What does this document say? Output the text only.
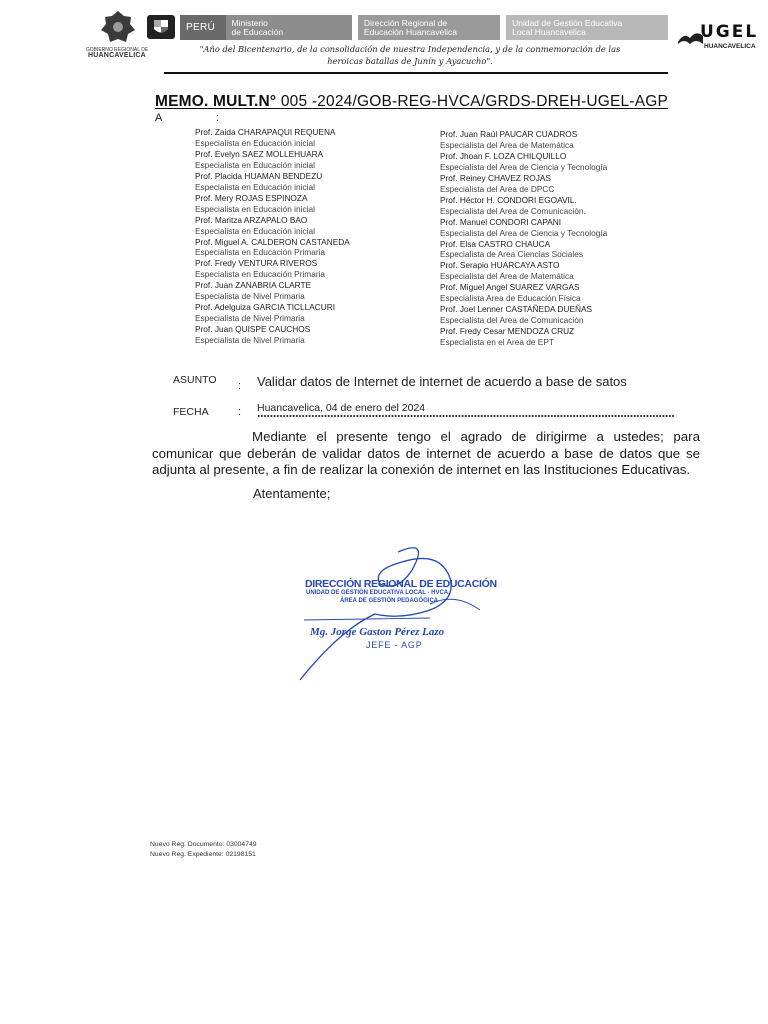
GOBIERNO REGIONAL DE
HUANCAVELICA
PERÚ	Ministerio
de Educación
Dirección Regional de
Educación Huancavelica
Unidad de Gestión Educativa
Local Huancavelica	UGEL
HUANCAVELICA
"Año del Bicentenario, de la consolidación de nuestra Independencia, y de la conmemoración de las
heroicas batallas de Junín y Ayacucho".
MEMO. MULT.N° 005 -2024/GOB-REG-HVCA/GRDS-DREH-UGEL-AGP
A	:
Prof. Zaida CHARAPAQUI REQUENA
Especialista en Educación inicial
Prof. Evelyn SAEZ MOLLEHUARA
Especialista en Educación inicial
Prof. Placida HUAMAN BENDEZU
Especialista en Educación inicial
Prof. Mery ROJAS ESPINOZA
Especialista en Educación inicial
Prof. Maritza ARZAPALO BAO
Especialista en Educación inicial
Prof. Miguel A. CALDERON CASTANEDA
Especialista en Educación Primaria
Prof. Fredy VENTURA RIVEROS
Especialista en Educación Primaria
Prof. Juan ZANABRIA CLARTE
Especialista de Nivel Primaria
Prof. Adelguiza GARCIA TICLLACURI
Especialista de Nivel Primaria
Prof. Juan QUISPE CAUCHOS
Especialista de Nivel Primaria
Prof. Juan Raúl PAUCAR CUADROS
Especialista del Area de Matemática
Prof. Jhoan F. LOZA CHILQUILLO
Especialista del Area de Ciencia y Tecnología
Prof. Reiney CHAVEZ ROJAS
Especialista del Area de DPCC
Prof. Héctor H. CONDORI EGOAVIL.
Especialista del Area de Comunicación.
Prof. Manuel CONDORI CAPANI
Especialista del Area de Ciencia y Tecnología
Prof. Elsa CASTRO CHAUCA
Especialista de Area Ciencias Sociales
Prof. Serapio HUARCAYA ASTO
Especialista del Area de Matemática
Prof. Miguel Angel SUAREZ VARGAS
Especialista Area de Educación Física
Prof. Joel Lenner CASTAÑEDA DUEÑAS
Especialista del Area de Comunicación
Prof. Fredy Cesar MENDOZA CRUZ
Especialista en el Area de EPT
ASUNTO : Validar datos de Internet de internet de acuerdo a base de satos
FECHA	: Huancavelica, 04 de enero del 2024
Mediante el presente tengo el agrado de dirigirme a ustedes; para comunicar que deberán de validar datos de internet de acuerdo a base de datos que se adjunta al presente, a fin de realizar la conexión de internet en las Instituciones Educativas.
Atentamente;
DIRECCIÓN REGIONAL DE EDUCACIÓN
UNIDAD DE GESTIÓN EDUCATIVA LOCAL - HVCA.
ÁREA DE GESTIÓN PEDAGÓGICA
Mg. Jorge Gaston Pérez Lazo
JEFE - AGP
Nuevo Reg. Documento: 03004749
Nuevo Reg. Expediente: 02198151
